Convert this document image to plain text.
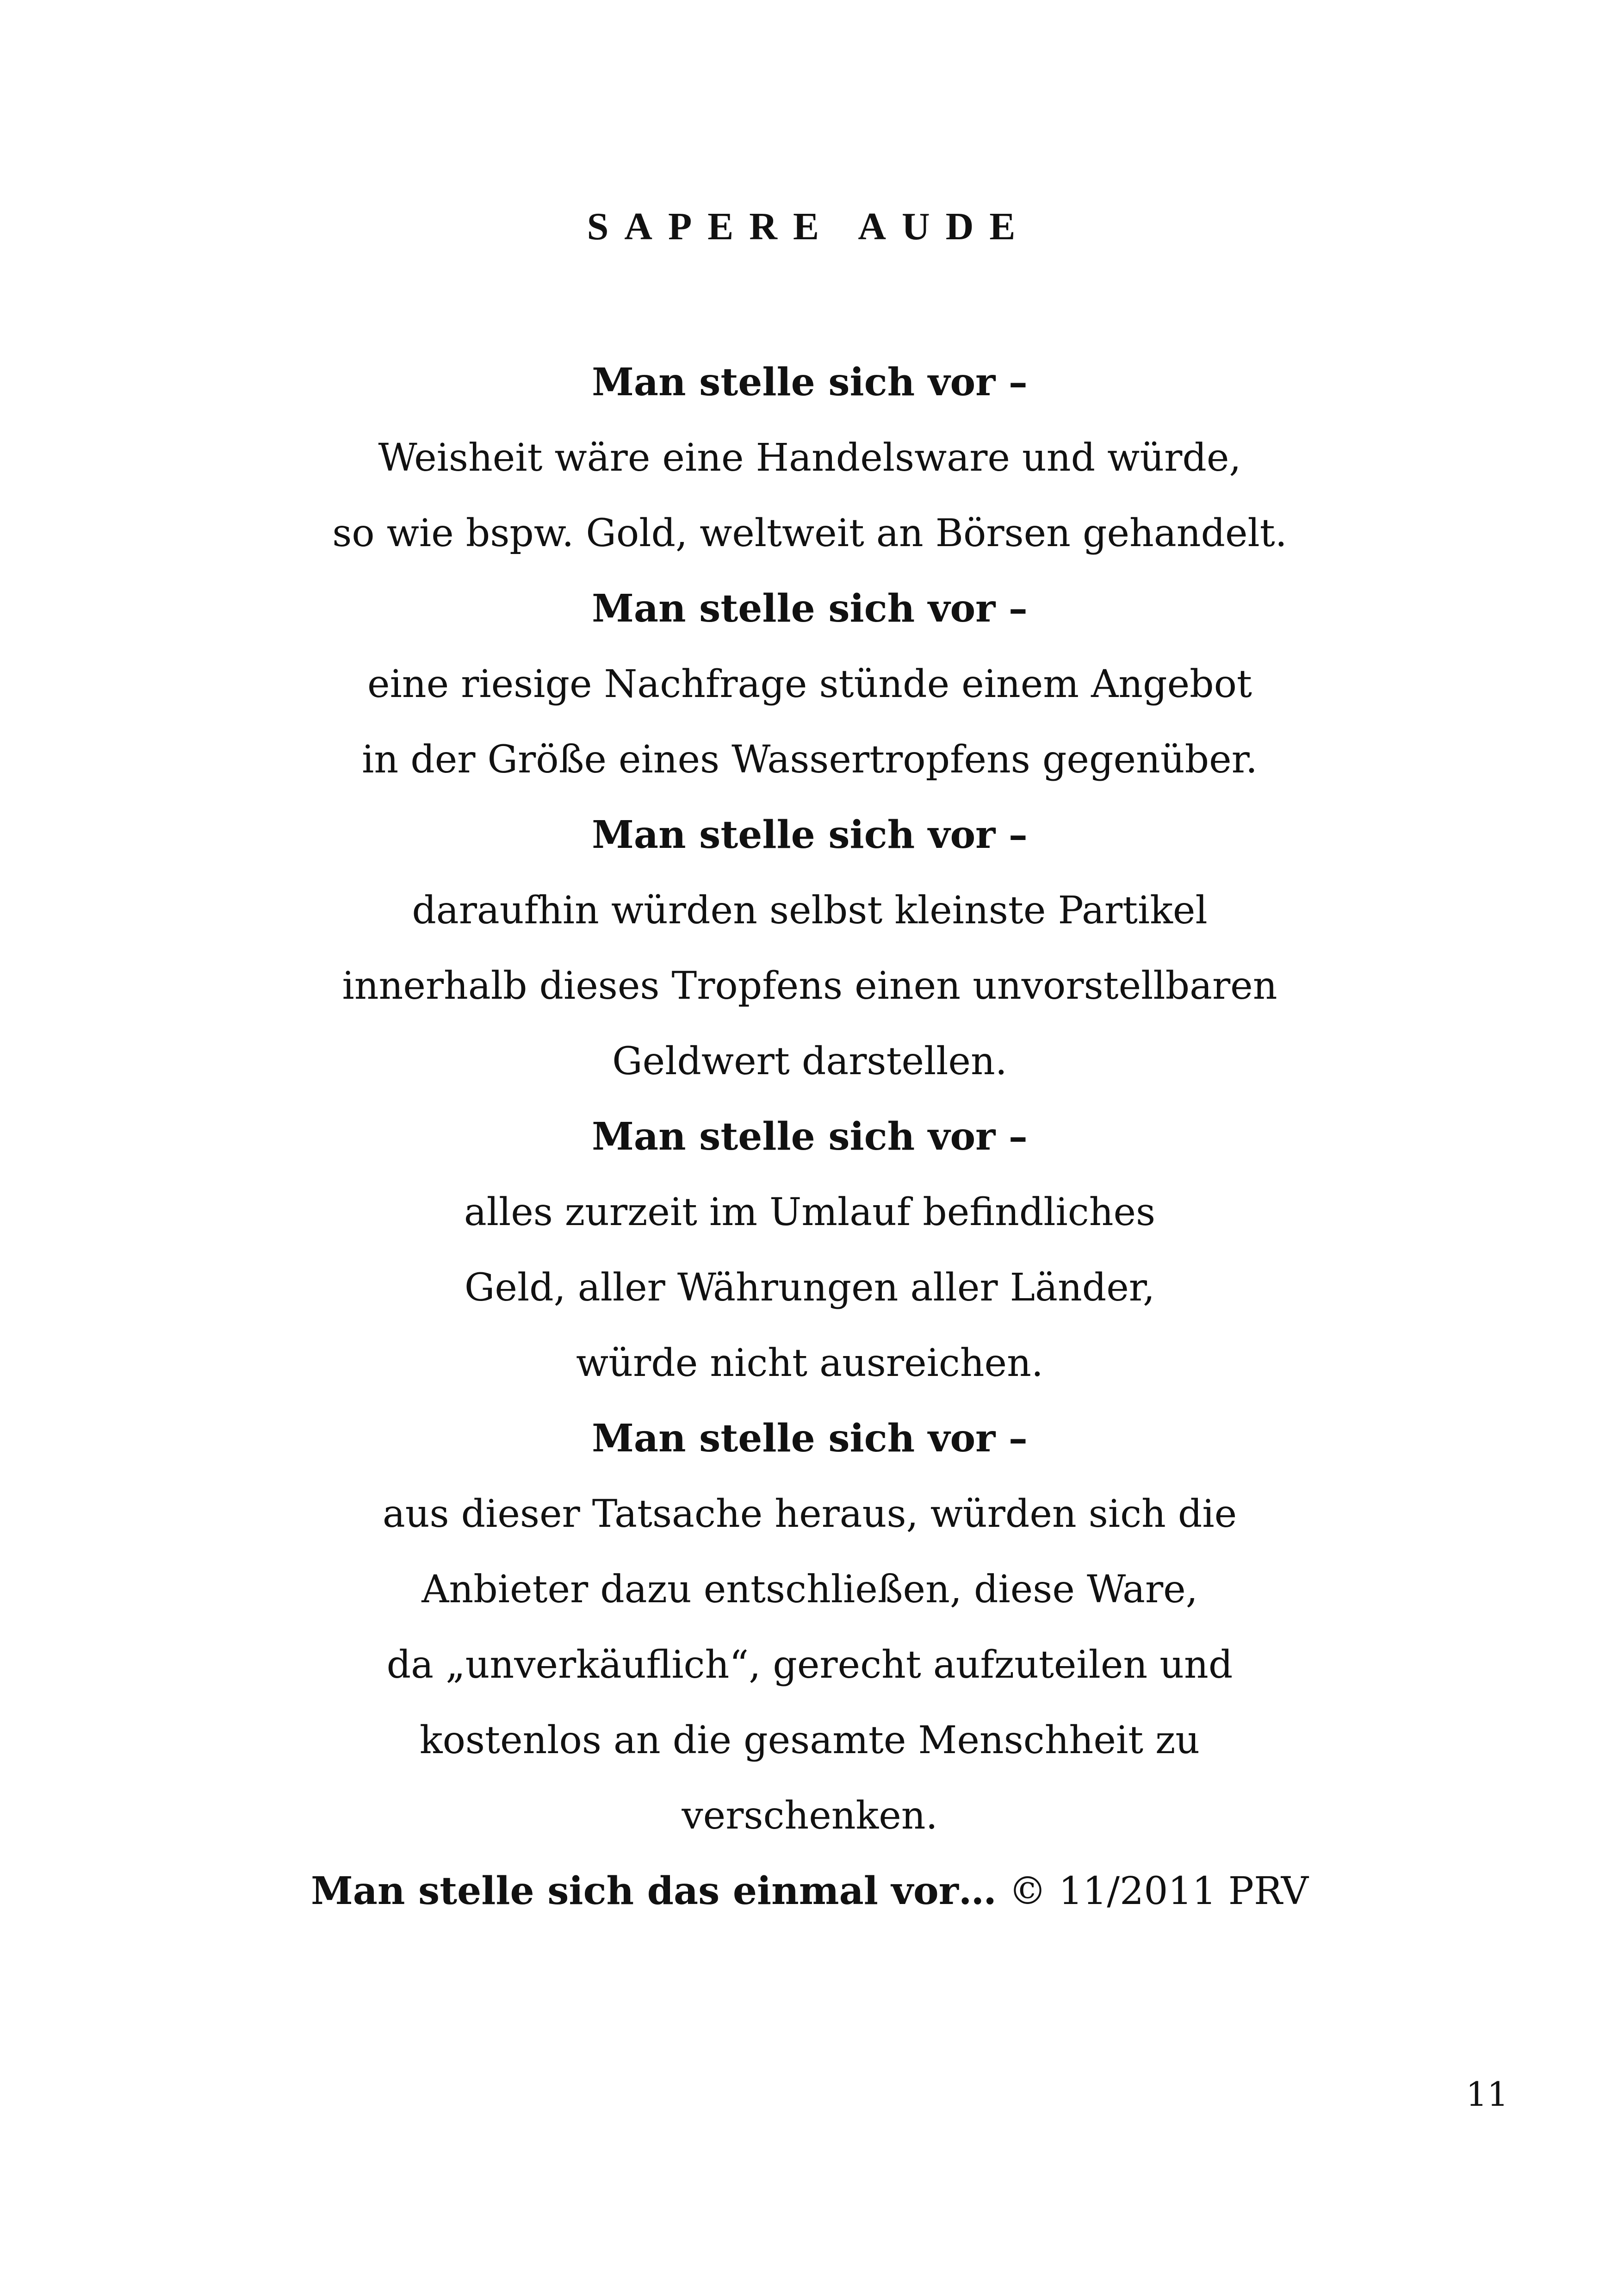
SAPERE AUDE
Man stelle sich vor –
Weisheit wäre eine Handelsware und würde,
so wie bspw. Gold, weltweit an Börsen gehandelt.
Man stelle sich vor –
eine riesige Nachfrage stünde einem Angebot
in der Größe eines Wassertropfens gegenüber.
Man stelle sich vor –
daraufhin würden selbst kleinste Partikel
innerhalb dieses Tropfens einen unvorstellbaren
Geldwert darstellen.
Man stelle sich vor –
alles zurzeit im Umlauf befindliches
Geld, aller Währungen aller Länder,
würde nicht ausreichen.
Man stelle sich vor –
aus dieser Tatsache heraus, würden sich die
Anbieter dazu entschließen, diese Ware,
da „unverkäuflich“, gerecht aufzuteilen und
kostenlos an die gesamte Menschheit zu
verschenken.
Man stelle sich das einmal vor… © 11/2011 PRV
11
